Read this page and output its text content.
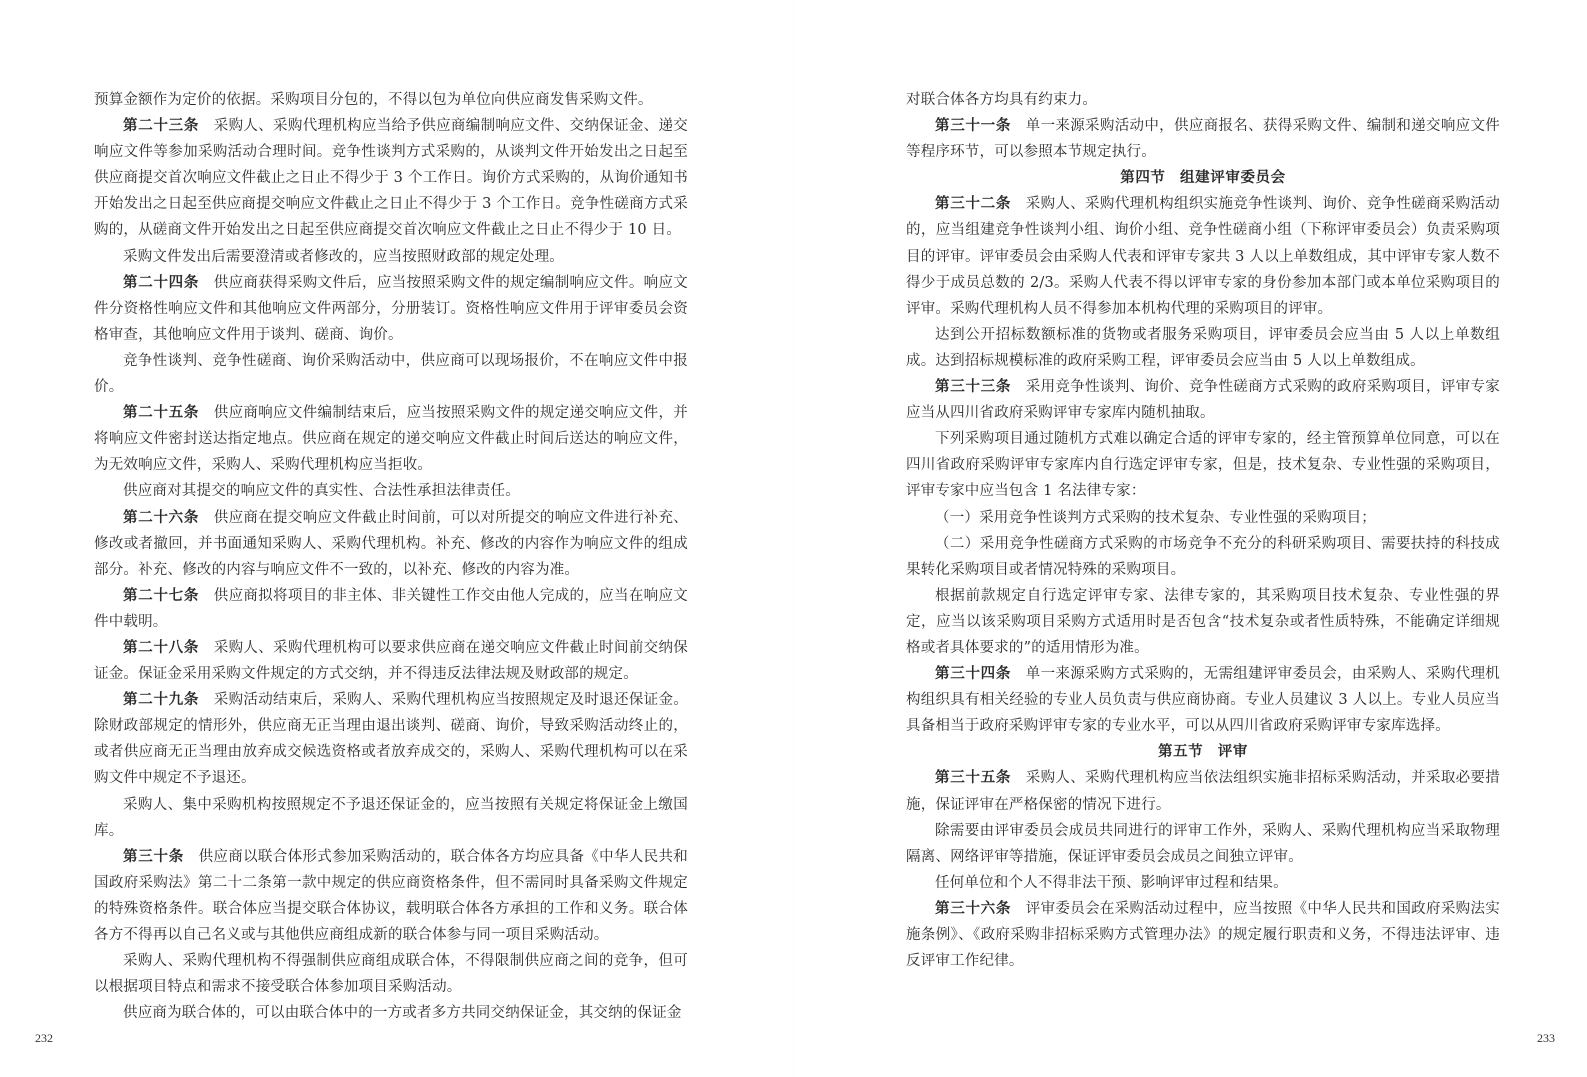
预算金额作为定价的依据。采购项目分包的，不得以包为单位向供应商发售采购文件。

第二十三条 采购人、采购代理机构应当给予供应商编制响应文件、交纳保证金、递交响应文件等参加采购活动合理时间。竞争性谈判方式采购的，从谈判文件开始发出之日起至供应商提交首次响应文件截止之日止不得少于 3 个工作日。询价方式采购的，从询价通知书开始发出之日起至供应商提交响应文件截止之日止不得少于 3 个工作日。竞争性磋商方式采购的，从磋商文件开始发出之日起至供应商提交首次响应文件截止之日止不得少于 10 日。

采购文件发出后需要澄清或者修改的，应当按照财政部的规定处理。

第二十四条 供应商获得采购文件后，应当按照采购文件的规定编制响应文件。响应文件分资格性响应文件和其他响应文件两部分，分册装订。资格性响应文件用于评审委员会资格审查，其他响应文件用于谈判、磋商、询价。

竞争性谈判、竞争性磋商、询价采购活动中，供应商可以现场报价，不在响应文件中报价。

第二十五条 供应商响应文件编制结束后，应当按照采购文件的规定递交响应文件，并将响应文件密封送达指定地点。供应商在规定的递交响应文件截止时间后送达的响应文件，为无效响应文件，采购人、采购代理机构应当拒收。

供应商对其提交的响应文件的真实性、合法性承担法律责任。

第二十六条 供应商在提交响应文件截止时间前，可以对所提交的响应文件进行补充、修改或者撤回，并书面通知采购人、采购代理机构。补充、修改的内容作为响应文件的组成部分。补充、修改的内容与响应文件不一致的，以补充、修改的内容为准。

第二十七条 供应商拟将项目的非主体、非关键性工作交由他人完成的，应当在响应文件中载明。

第二十八条 采购人、采购代理机构可以要求供应商在递交响应文件截止时间前交纳保证金。保证金采用采购文件规定的方式交纳，并不得违反法律法规及财政部的规定。

第二十九条 采购活动结束后，采购人、采购代理机构应当按照规定及时退还保证金。除财政部规定的情形外，供应商无正当理由退出谈判、磋商、询价，导致采购活动终止的，或者供应商无正当理由放弃成交候选资格或者放弃成交的，采购人、采购代理机构可以在采购文件中规定不予退还。

采购人、集中采购机构按照规定不予退还保证金的，应当按照有关规定将保证金上缴国库。

第三十条 供应商以联合体形式参加采购活动的，联合体各方均应具备《中华人民共和国政府采购法》第二十二条第一款中规定的供应商资格条件，但不需同时具备采购文件规定的特殊资格条件。联合体应当提交联合体协议，载明联合体各方承担的工作和义务。联合体各方不得再以自己名义或与其他供应商组成新的联合体参与同一项目采购活动。

采购人、采购代理机构不得强制供应商组成联合体，不得限制供应商之间的竞争，但可以根据项目特点和需求不接受联合体参加项目采购活动。

供应商为联合体的，可以由联合体中的一方或者多方共同交纳保证金，其交纳的保证金

对联合体各方均具有约束力。

第三十一条 单一来源采购活动中，供应商报名、获得采购文件、编制和递交响应文件等程序环节，可以参照本节规定执行。

第四节 组建评审委员会

第三十二条 采购人、采购代理机构组织实施竞争性谈判、询价、竞争性磋商采购活动的，应当组建竞争性谈判小组、询价小组、竞争性磋商小组（下称评审委员会）负责采购项目的评审。评审委员会由采购人代表和评审专家共 3 人以上单数组成，其中评审专家人数不得少于成员总数的 2/3。采购人代表不得以评审专家的身份参加本部门或本单位采购项目的评审。采购代理机构人员不得参加本机构代理的采购项目的评审。

达到公开招标数额标准的货物或者服务采购项目，评审委员会应当由 5 人以上单数组成。达到招标规模标准的政府采购工程，评审委员会应当由 5 人以上单数组成。

第三十三条 采用竞争性谈判、询价、竞争性磋商方式采购的政府采购项目，评审专家应当从四川省政府采购评审专家库内随机抽取。

下列采购项目通过随机方式难以确定合适的评审专家的，经主管预算单位同意，可以在四川省政府采购评审专家库内自行选定评审专家，但是，技术复杂、专业性强的采购项目，评审专家中应当包含 1 名法律专家：

（一）采用竞争性谈判方式采购的技术复杂、专业性强的采购项目；

（二）采用竞争性磋商方式采购的市场竞争不充分的科研采购项目、需要扶持的科技成果转化采购项目或者情况特殊的采购项目。

根据前款规定自行选定评审专家、法律专家的，其采购项目技术复杂、专业性强的界定，应当以该采购项目采购方式适用时是否包含“技术复杂或者性质特殊，不能确定详细规格或者具体要求的”的适用情形为准。

第三十四条 单一来源采购方式采购的，无需组建评审委员会，由采购人、采购代理机构组织具有相关经验的专业人员负责与供应商协商。专业人员建议 3 人以上。专业人员应当具备相当于政府采购评审专家的专业水平，可以从四川省政府采购评审专家库选择。

第五节 评审

第三十五条 采购人、采购代理机构应当依法组织实施非招标采购活动，并采取必要措施，保证评审在严格保密的情况下进行。

除需要由评审委员会成员共同进行的评审工作外，采购人、采购代理机构应当采取物理隔离、网络评审等措施，保证评审委员会成员之间独立评审。

任何单位和个人不得非法干预、影响评审过程和结果。

第三十六条 评审委员会在采购活动过程中，应当按照《中华人民共和国政府采购法实施条例》、《政府采购非招标采购方式管理办法》的规定履行职责和义务，不得违法评审、违反评审工作纪律。

232	233
